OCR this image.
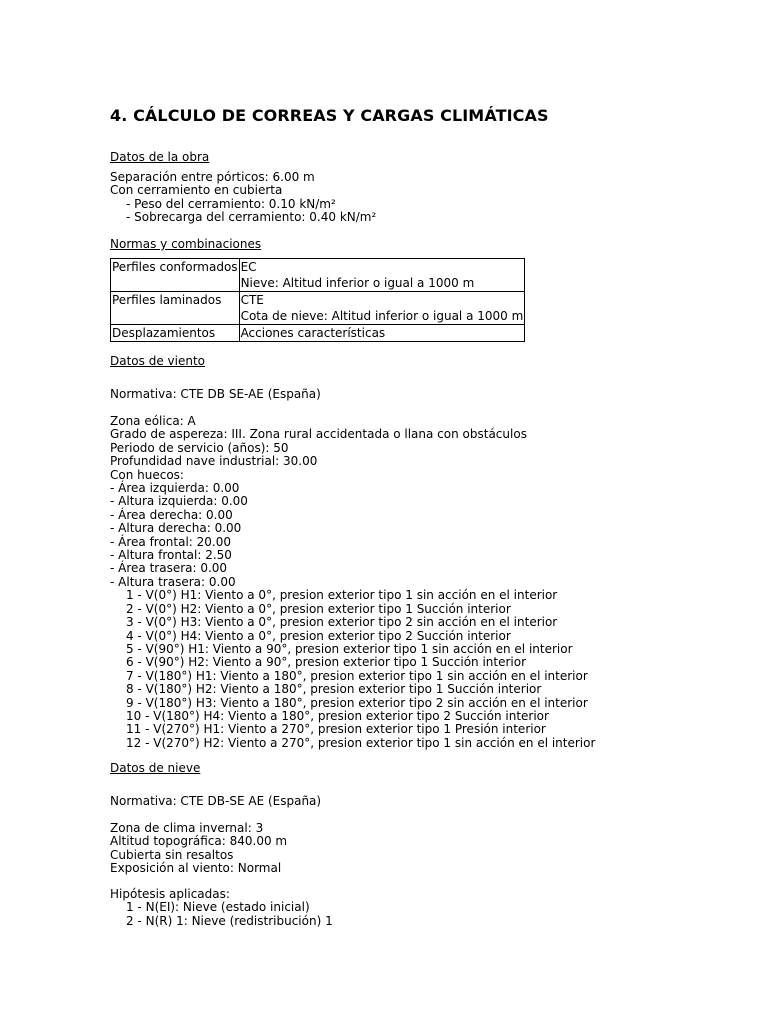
4. CÁLCULO DE CORREAS Y CARGAS CLIMÁTICAS
Datos de la obra
Separación entre pórticos: 6.00 m
Con cerramiento en cubierta
- Peso del cerramiento: 0.10 kN/m²
- Sobrecarga del cerramiento: 0.40 kN/m²
Normas y combinaciones
Perfiles conformados	EC
Nieve: Altitud inferior o igual a 1000 m

Perfiles laminados	CTE
Cota de nieve: Altitud inferior o igual a 1000 m

Desplazamientos	Acciones características
Datos de viento
Normativa: CTE DB SE-AE (España)
Zona eólica: A
Grado de aspereza: III. Zona rural accidentada o llana con obstáculos
Periodo de servicio (años): 50
Profundidad nave industrial: 30.00
Con huecos:
- Área izquierda: 0.00
- Altura izquierda: 0.00
- Área derecha: 0.00
- Altura derecha: 0.00
- Área frontal: 20.00
- Altura frontal: 2.50
- Área trasera: 0.00
- Altura trasera: 0.00
1 - V(0°) H1: Viento a 0°, presion exterior tipo 1 sin acción en el interior
2 - V(0°) H2: Viento a 0°, presion exterior tipo 1 Succión interior
3 - V(0°) H3: Viento a 0°, presion exterior tipo 2 sin acción en el interior
4 - V(0°) H4: Viento a 0°, presion exterior tipo 2 Succión interior
5 - V(90°) H1: Viento a 90°, presion exterior tipo 1 sin acción en el interior
6 - V(90°) H2: Viento a 90°, presion exterior tipo 1 Succión interior
7 - V(180°) H1: Viento a 180°, presion exterior tipo 1 sin acción en el interior
8 - V(180°) H2: Viento a 180°, presion exterior tipo 1 Succión interior
9 - V(180°) H3: Viento a 180°, presion exterior tipo 2 sin acción en el interior
10 - V(180°) H4: Viento a 180°, presion exterior tipo 2 Succión interior
11 - V(270°) H1: Viento a 270°, presion exterior tipo 1 Presión interior
12 - V(270°) H2: Viento a 270°, presion exterior tipo 1 sin acción en el interior
Datos de nieve
Normativa: CTE DB-SE AE (España)
Zona de clima invernal: 3
Altitud topográfica: 840.00 m
Cubierta sin resaltos
Exposición al viento: Normal
Hipótesis aplicadas:
1 - N(EI): Nieve (estado inicial)
2 - N(R) 1: Nieve (redistribución) 1
